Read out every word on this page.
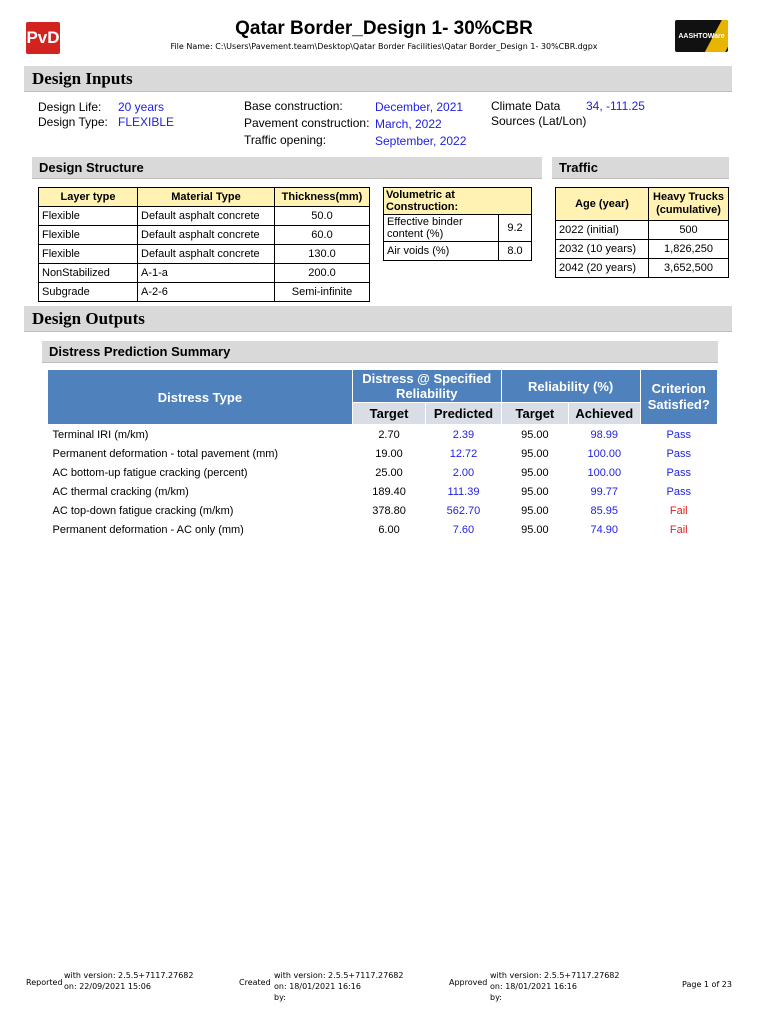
PvD	Qatar Border_Design 1- 30%CBR
File Name: C:\Users\Pavement.team\Desktop\Qatar Border Facilities\Qatar Border_Design 1- 30%CBR.dgpx
AASHTOWare
Design Inputs
Design Life: 20 years
Design Type: FLEXIBLE
Base construction:	December, 2021
Pavement construction: March, 2022
Traffic opening:	September, 2022
Climate Data
Sources (Lat/Lon)
34, -111.25
Design Structure
Layer type	Material Type	Thickness(mm)
Flexible	Default asphalt concrete	50.0
Flexible	Default asphalt concrete	60.0
Flexible	Default asphalt concrete	130.0
NonStabilized	A-1-a	200.0
Subgrade	A-2-6	Semi-infinite
Volumetric at Construction:	
Effective binder content (%)	9.2
Air voids (%)	8.0
Traffic
Age (year)	Heavy Trucks (cumulative)
2022 (initial)	500
2032 (10 years)	1,826,250
2042 (20 years)	3,652,500
Design Outputs
Distress Prediction Summary
Distress Type	Distress @ Specified Reliability		Reliability (%)		Criterion Satisfied?
	Target	Predicted	Target	Achieved	
Terminal IRI (m/km)	2.70	2.39	95.00	98.99	Pass
Permanent deformation - total pavement (mm)	19.00	12.72	95.00	100.00	Pass
AC bottom-up fatigue cracking (percent)	25.00	2.00	95.00	100.00	Pass
AC thermal cracking (m/km)	189.40	111.39	95.00	99.77	Pass
AC top-down fatigue cracking (m/km)	378.80	562.70	95.00	85.95	Fail
Permanent deformation - AC only (mm)	6.00	7.60	95.00	74.90	Fail
Reported
with version: 2.5.5+7117.27682
on: 22/09/2021 15:06	Created
with version: 2.5.5+7117.27682
on: 18/01/2021 16:16
by:
Approved
with version: 2.5.5+7117.27682
on: 18/01/2021 16:16
by:
Page 1 of 23
